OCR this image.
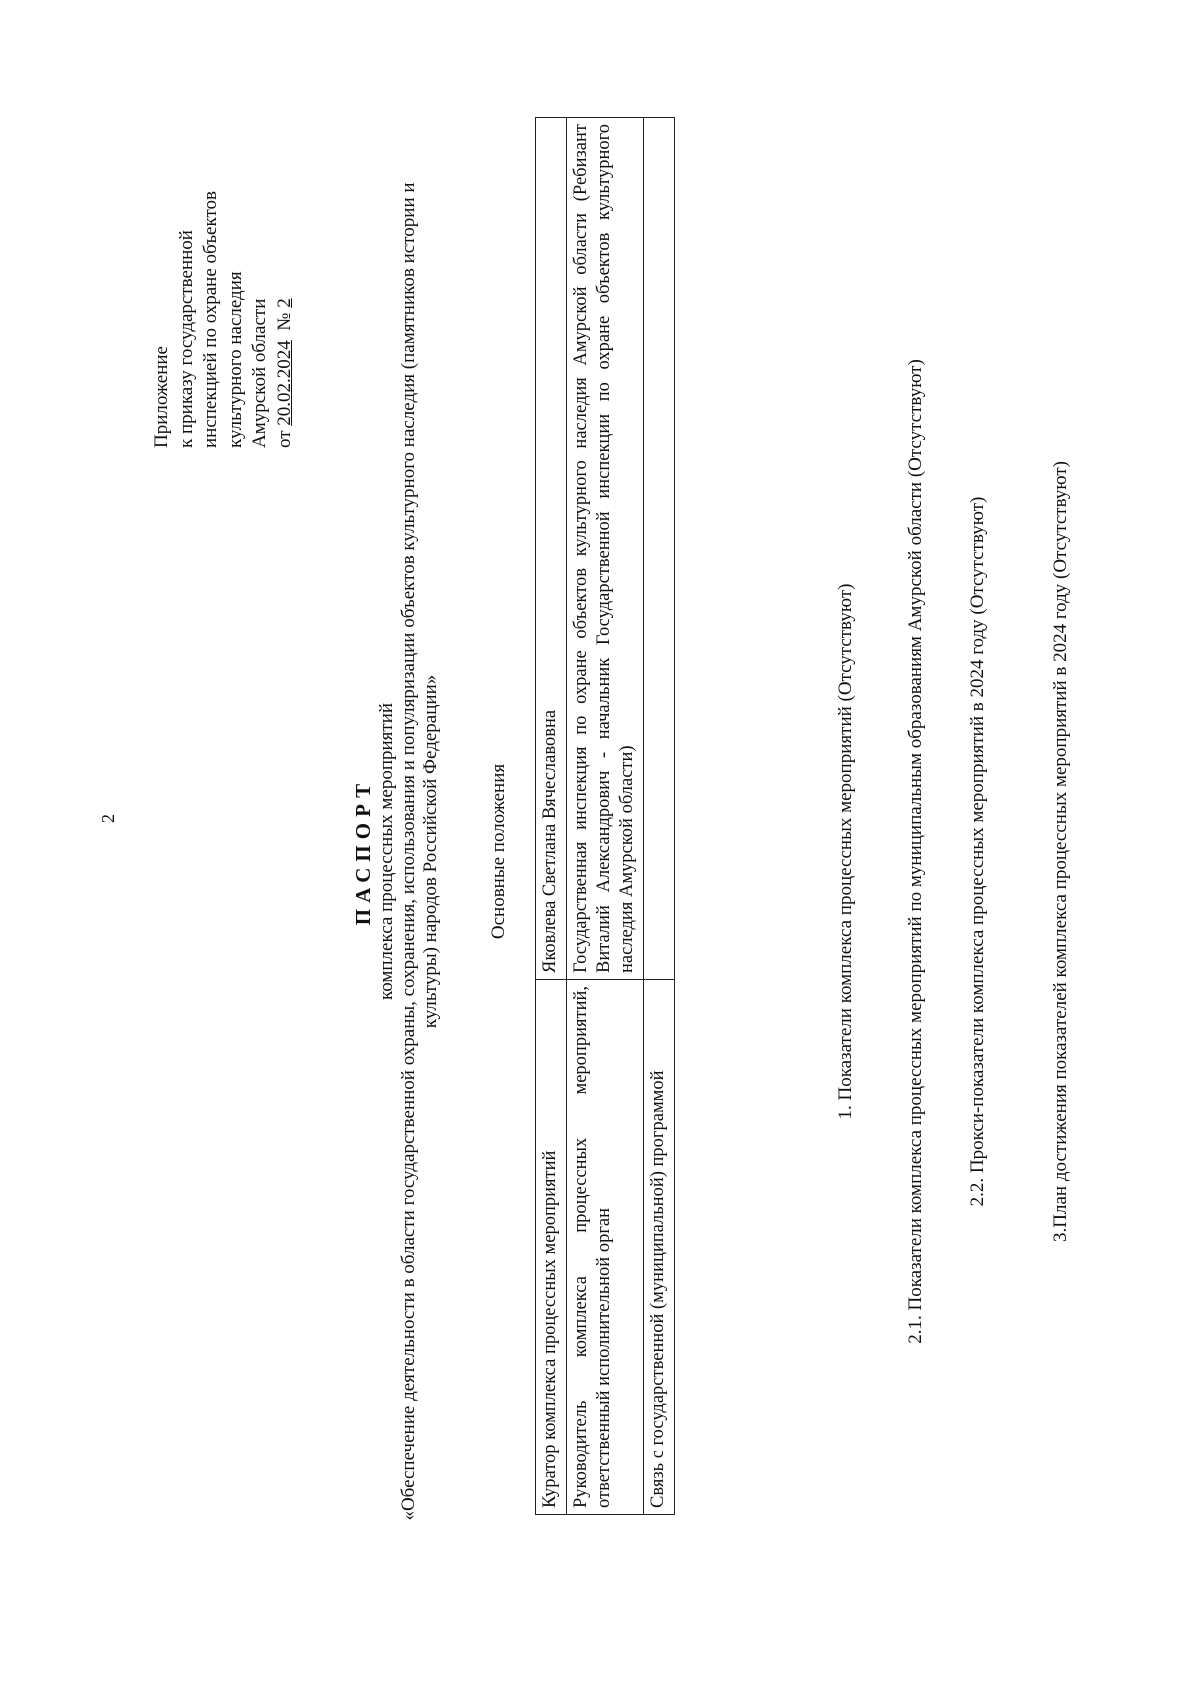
2
Приложение к приказу государственной инспекцией по охране объектов культурного наследия Амурской области от 20.02.2024  № 2
ПАСПОРТ комплекса процессных мероприятий «Обеспечение деятельности в области государственной охраны, сохранения, использования и популяризации объектов культурного наследия (памятников истории и культуры) народов Российской Федерации» Основные положения
Куратор комплекса процессных мероприятий	Яковлева Светлана Вячеславовна
Руководитель комплекса процессных мероприятий, ответственный исполнительной орган	Государственная инспекция по охране объектов культурного наследия Амурской области (Ребизант Виталий Александрович - начальник Государственной инспекции по охране объектов культурного наследия Амурской области)
Связь с государственной (муниципальной) программой	
1. Показатели комплекса процессных мероприятий (Отсутствуют)	2.1. Показатели комплекса процессных мероприятий по муниципальным образованиям Амурской области (Отсутствуют) 2.2. Прокси-показатели комплекса процессных мероприятий в 2024 году (Отсутствуют)	3.План достижения показателей комплекса процессных мероприятий в 2024 году (Отсутствуют)
